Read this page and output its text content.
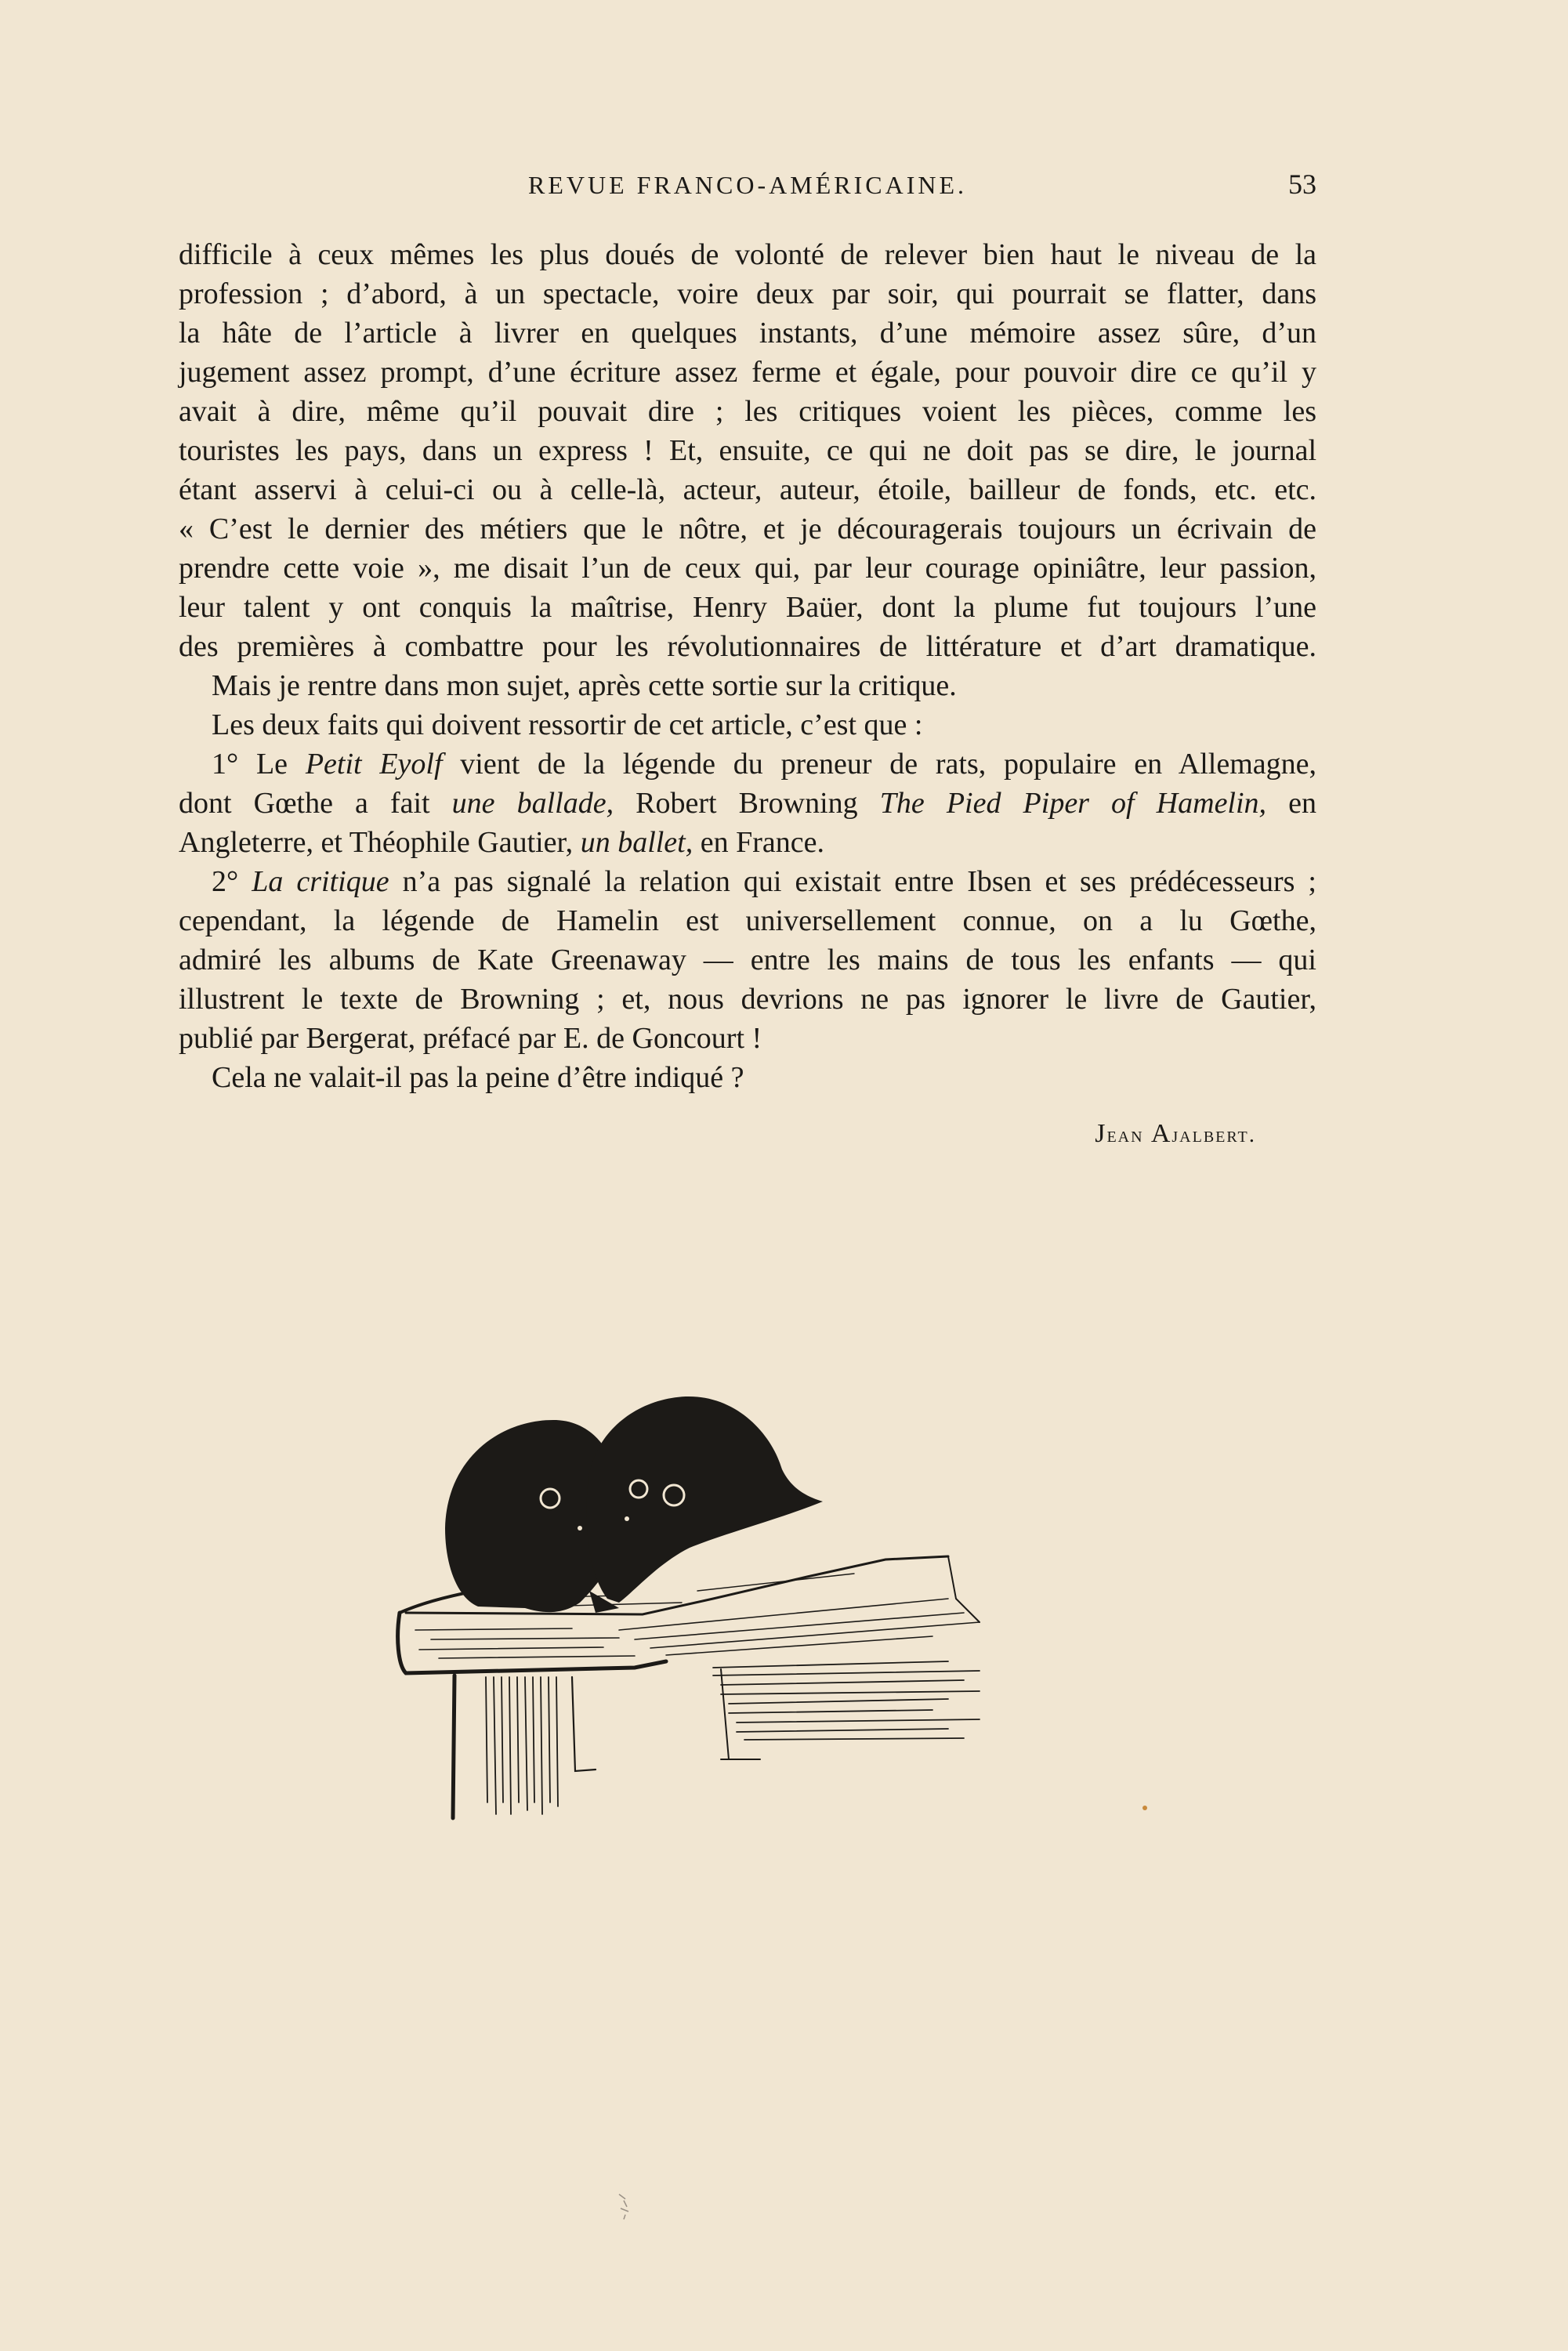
REVUE FRANCO-AMÉRICAINE.	53
difficile à ceux mêmes les plus doués de volonté de relever bien haut le niveau de la
profession ; d’abord, à un spectacle, voire deux par soir, qui pourrait se flatter, dans
la hâte de l’article à livrer en quelques instants, d’une mémoire assez sûre, d’un
jugement assez prompt, d’une écriture assez ferme et égale, pour pouvoir dire ce qu’il y
avait à dire, même qu’il pouvait dire ; les critiques voient les pièces, comme les
touristes les pays, dans un express ! Et, ensuite, ce qui ne doit pas se dire, le journal
étant asservi à celui-ci ou à celle-là, acteur, auteur, étoile, bailleur de fonds, etc. etc.
« C’est le dernier des métiers que le nôtre, et je découragerais toujours un écrivain de
prendre cette voie », me disait l’un de ceux qui, par leur courage opiniâtre, leur passion,
leur talent y ont conquis la maîtrise, Henry Baüer, dont la plume fut toujours l’une
des premières à combattre pour les révolutionnaires de littérature et d’art dramatique.
Mais je rentre dans mon sujet, après cette sortie sur la critique.
Les deux faits qui doivent ressortir de cet article, c’est que :
1° Le Petit Eyolf vient de la légende du preneur de rats, populaire en Allemagne,
dont Gœthe a fait une ballade, Robert Browning The Pied Piper of Hamelin, en
Angleterre, et Théophile Gautier, un ballet, en France.
2° La critique n’a pas signalé la relation qui existait entre Ibsen et ses prédécesseurs ;
cependant, la légende de Hamelin est universellement connue, on a lu Gœthe,
admiré les albums de Kate Greenaway — entre les mains de tous les enfants — qui
illustrent le texte de Browning ; et, nous devrions ne pas ignorer le livre de Gautier,
publié par Bergerat, préfacé par E. de Goncourt !
Cela ne valait-il pas la peine d’être indiqué ?
Jean Ajalbert.
